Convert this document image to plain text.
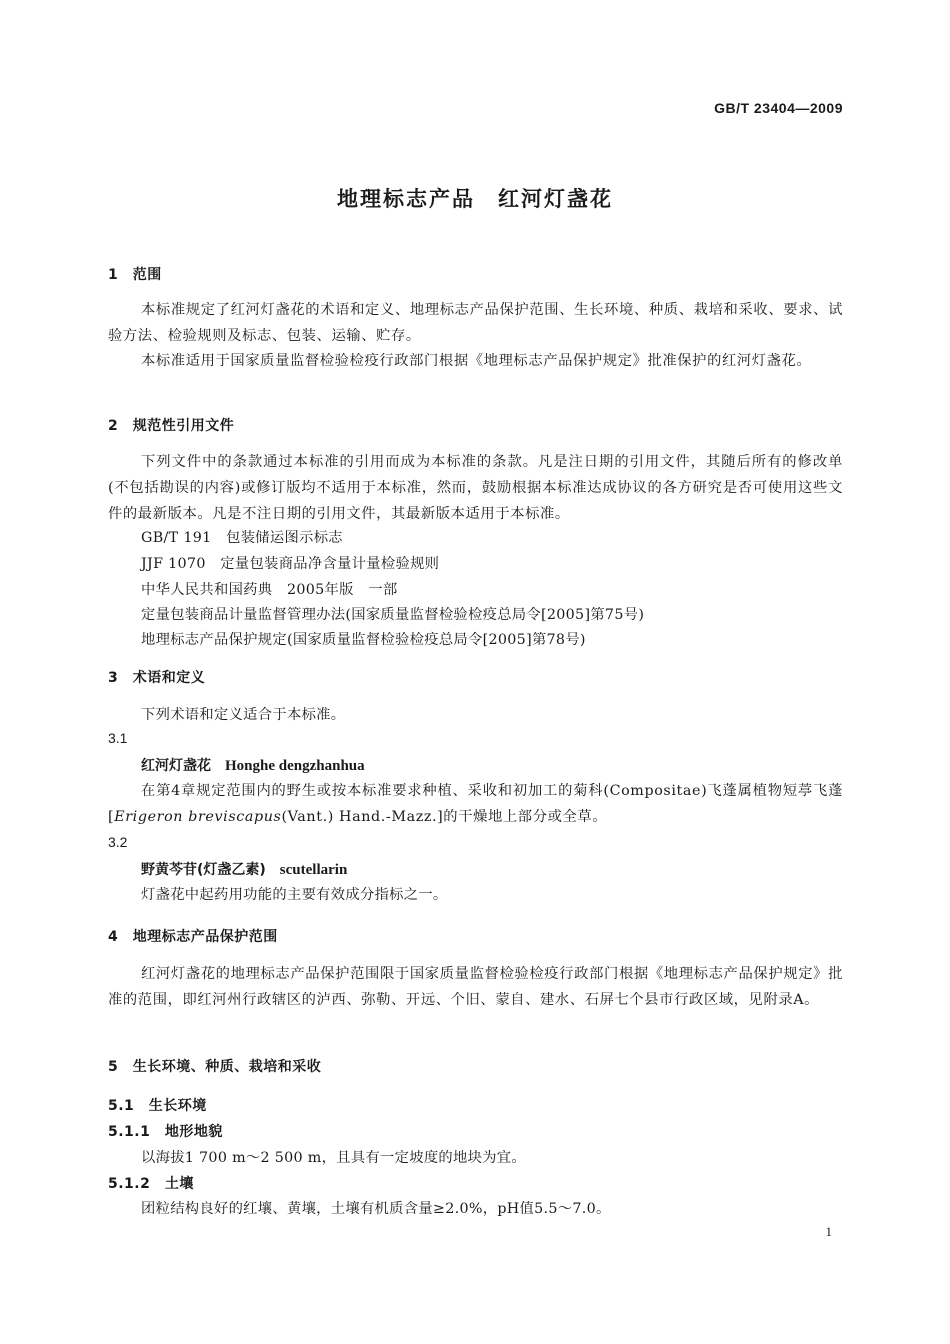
GB/T 23404—2009
地理标志产品　红河灯盏花
1　范围
本标准规定了红河灯盏花的术语和定义、地理标志产品保护范围、生长环境、种质、栽培和采收、要求、试验方法、检验规则及标志、包装、运输、贮存。
本标准适用于国家质量监督检验检疫行政部门根据《地理标志产品保护规定》批准保护的红河灯盏花。
2　规范性引用文件
下列文件中的条款通过本标准的引用而成为本标准的条款。凡是注日期的引用文件，其随后所有的修改单(不包括勘误的内容)或修订版均不适用于本标准，然而，鼓励根据本标准达成协议的各方研究是否可使用这些文件的最新版本。凡是不注日期的引用文件，其最新版本适用于本标准。
GB/T 191　包装储运图示标志
JJF 1070　定量包装商品净含量计量检验规则
中华人民共和国药典　2005年版　一部
定量包装商品计量监督管理办法(国家质量监督检验检疫总局令[2005]第75号)
地理标志产品保护规定(国家质量监督检验检疫总局令[2005]第78号)
3　术语和定义
下列术语和定义适合于本标准。
3.1
红河灯盏花　 Honghe dengzhanhua
在第4章规定范围内的野生或按本标准要求种植、采收和初加工的菊科(Compositae)飞蓬属植物短葶飞蓬[Erigeron breviscapus(Vant.) Hand.-Mazz.]的干燥地上部分或全草。
3.2
野黄芩苷(灯盏乙素)　 scutellarin
灯盏花中起药用功能的主要有效成分指标之一。
4　地理标志产品保护范围
红河灯盏花的地理标志产品保护范围限于国家质量监督检验检疫行政部门根据《地理标志产品保护规定》批准的范围，即红河州行政辖区的泸西、弥勒、开远、个旧、蒙自、建水、石屏七个县市行政区域，见附录A。
5　生长环境、种质、栽培和采收
5.1　生长环境
5.1.1　地形地貌
以海拔1 700 m～2 500 m，且具有一定坡度的地块为宜。
5.1.2　土壤
团粒结构良好的红壤、黄壤，土壤有机质含量≥2.0%，pH值5.5～7.0。
1
